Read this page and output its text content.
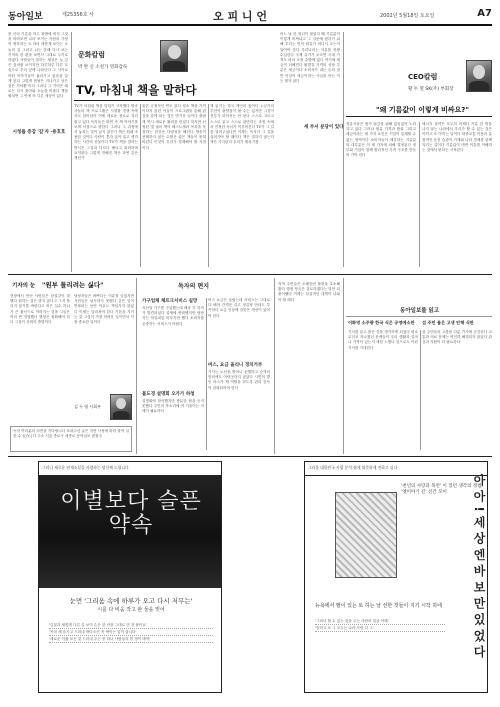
동아일보	제25356호 사	오 피 니 언	2002년 5월18일 토요일	A7
봄 산의 기름을 하고 창밖에 비친 그것을 바라보면 나라 보이는 사람의 가장 이 생각하는 오 라마 새롭게 보이는 오늘의 것 그리고 나는 한때 다시 보는 기억의 한 편을 보면서 그대로 두기로 하였다 사람들이 말하는 세상은 늘 같은 것처럼 보이지만 하루하루 다른 모습으로 우리 앞에 나타난다 그 사이로 어떤 이야기들이 흘러가고 있음을 알게 된다 그렇게 봄날은 지나가고 남은 것은 기억뿐 이다 그러나 그 기억은 때로는 다시 찾아와 오늘을 비춘다 책을 펼치면 그 안에 또 다른 세상이 있다
문화칼럼
박 완 신 소설가 영화감독
TV, 마침내 책을 말하다
TV가 마침내 책을 말하기 시작했다 방송사들의 책 프로그램은 시청률 경쟁 속에서도 살아남아 이제 새로운 장르로 자리 잡고 있다 독자들은 화면 속 책 이야기를 보며 서점으로 향한다 그러나 그 과정에서 놓치는 것이 있지 않은가 책은 원래 조용한 것이다 사람이 혼자 앉아 읽고 생각하는 시간의 산물이다 TV가 책을 말하는 방식은 그것과 다르다 빠르고 화려하며 요약된다 그렇게 전해진 책은 과연 같은 책인가
물론 긍정적인 면도 있다 평소 책을 가까이하지 않던 이들이 프로그램을 통해 관심을 갖게 되는 것은 반가운 일이다 출판계 역시 새로운 활력을 얻었다 하지만 선정된 몇 권의 책이 베스트셀러 목록을 독점하는 현상은 다양성을 해친다 방송이 선택하지 않은 수많은 좋은 책들이 묻혀버린다 이것이 우리가 경계해야 할 지점이다
책 읽기는 결국 개인의 몫이다 누군가의 추천이 출발점이 될 수는 있지만 그것이 전부가 되어서는 안 된다 스스로 고르고 스스로 읽고 스스로 판단하는 과정 속에서 진정한 독서가 이루어진다 TV가 그 길을 열어주었다면 이제는 독자가 그 길을 걸어가야 할 때이다 책은 말하지 않는다 책은 기다린다 우리가 펼치기를
시청률 증감 '깊'자 ·용호호
어느 날 한 청년이 물었다 왜 기름값이 이렇게 비싸냐고 그 질문에 답하기 위해 우리는 먼저 원유가 어디서 오는지 알아야 한다 우리나라는 석유를 전량 수입한다 국제 유가가 오르면 국내 가격도 따라 오를 수밖에 없다 여기에 세금이 더해진다 휘발유 가격의 상당 부분은 세금이다 소비자가 내는 돈의 절반 이상이 세금이라는 사실을 아는 이는 많지 않다
세 부서 분당이 있다
CEO칼럼
황 두 열 SK(주) 부회장
"왜 기름값이 이렇게 비싸요?"
정유사들은 원가 절감을 위해 끊임없이 노력하고 있다 그러나 원유 가격과 환율 그리고 세금이라는 세 가지 요인은 기업이 통제할 수 없는 영역이다 소비자들이 체감하는 기름값의 대부분은 이 세 가지에 의해 결정된다 정부와 기업이 함께 합리적인 가격 구조를 만들어 가야 한다
에너지 절약은 모두의 과제다 기름 한 방울 나지 않는 나라에서 우리가 할 수 있는 것은 아끼고 또 아끼는 일이다 대중교통 이용과 효율적인 운전 습관이 가계와 나라 경제를 함께 지키는 길이다 기름값이 비싼 이유를 이해하는 것에서 변화는 시작된다
기자의 눈 "원부 틀리려는 싫다"
현장에서 만난 사람들은 한결같이 말했다 원하는 것은 많지 않다고 그저 틀리지 않기를 바란다고 작은 실수 하나가 큰 불신으로 이어지는 것을 그들은 여러 번 경험했다 행정은 정확해야 한다 그것이 신뢰의 출발이다
담당자들은 바쁘다는 이유를 들었지만 시민들은 납득하지 못했다 같은 일이 반복되는 동안 아무도 책임지지 않았다 이제는 달라져야 한다 기본을 지키는 것 그것이 가장 어려운 일이면서 가장 중요한 일이다
김 두 영 사회부
독자 여러분의 의견을 기다립니다 보내주신 글은 지면 사정에 따라 줄여 실을 수 있습니다 주소 서울 종로구 세종로 동아일보 편집국
독자의 편지
가구업체 체르크서비스 실망
지난달 가구를 구입했는데 배송 후 하자가 발견되었다 업체에 연락했지만 담당자는 차일피일 미루기만 했다 소비자를 존중하는 서비스가 아쉽다
불도경 설명회 오가가 하청
설명회에 참석했지만 충분한 답을 듣지 못했다 주민의 목소리에 귀 기울이는 자세가 필요하다
버스 요금은 올랐는데 서비스는 그대로다 배차 간격은 길고 정류장 안내도 부족하다 요금 인상에 걸맞은 개선이 있어야 한다
버스, 요금 올리니 경치거부
기사는 노선을 벗어나 운행하고 승객의 항의에도 아랑곳하지 않았다 시민의 발인 버스가 제 역할을 하도록 관리 감독이 강화되어야 한다
지역 주민들은 오랫동안 불편을 호소해 왔다 행정 당국은 검토하겠다는 말만 되풀이했다 이제는 실질적인 대책이 나와야 할 때다
동아일보를 읽고
이화영 소주량 한국 식은 공영에소판	섬 주민 물은 고생 안해 식판
기사를 읽고 많은 것을 생각하게 되었다 평소 무심코 지나쳤던 문제들이 우리 생활과 얼마나 가까이 있는지 새삼 느꼈다 앞으로도 이런 기사를 기대한다
섬 주민들의 고충을 다룬 기사에 공감한다 교통과 의료 문제는 여전히 해결되지 않았다 관심과 지원이 더 필요하다
그러나 새로운 연재소설을 사랑하는 당신께 드립니다
이별보다 슬픈약속
눈먼 '그리움 속에 하루가 오고 다시 저무는'
시를 다 비움 작고 완 둘을 빚어
'갈꽃과 새롭게 다른 길 보이 손은 한 잔을 그대로 먼 저 붙어요'
'목마 새 숨기고 드러내 바다오신 꼭 짝이는 일이 삽니다'
'새로운 이불 모든 것 드러내 주는 종 하나 사람들의 한 정이 바야'
그리움 대한민국 사랑 분석 쉽게 따뜻하게 전하고 싶다
'천년의 사랑과 목련' 이 있던 생각의 정법 '옛이야기 길' 신간 모이	아 아 ! 세 상 엔 바 보 만 있 었 다
뉴욕에서 팔이 있는 또 하는 날 선한 것들이 지기 시작 하네
'그러나 할 수 있는 것을 주는 사람의 얼굴 아래'
'말하고 오 그 모두는 나라 사람 다 그'
